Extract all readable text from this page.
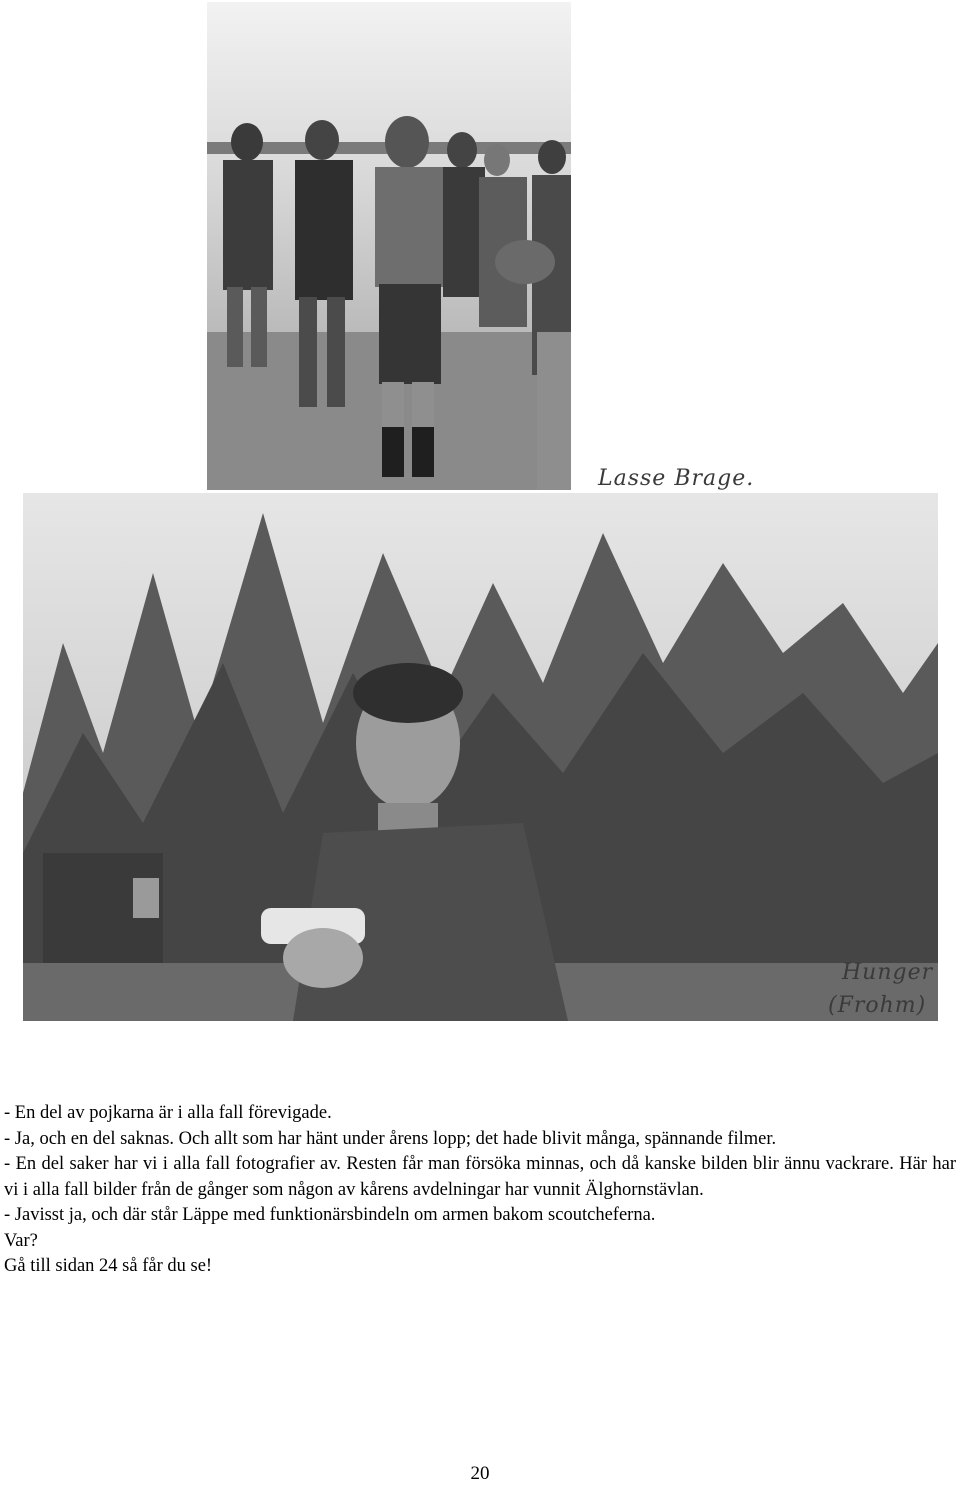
Lasse Brage.
Hunger
(Frohm)

- En del av pojkarna är i alla fall förevigade.

- Ja, och en del saknas. Och allt som har hänt under årens lopp; det hade blivit många, spännande filmer.

- En del saker har vi i alla fall fotografier av. Resten får man försöka minnas, och då kanske bilden blir ännu vackrare. Här har vi i alla fall bilder från de gånger som någon av kårens avdelningar har vunnit Älghornstävlan.

- Javisst ja, och där står Läppe med funktionärsbindeln om armen bakom scoutcheferna.

Var?

Gå till sidan 24 så får du se!

20
